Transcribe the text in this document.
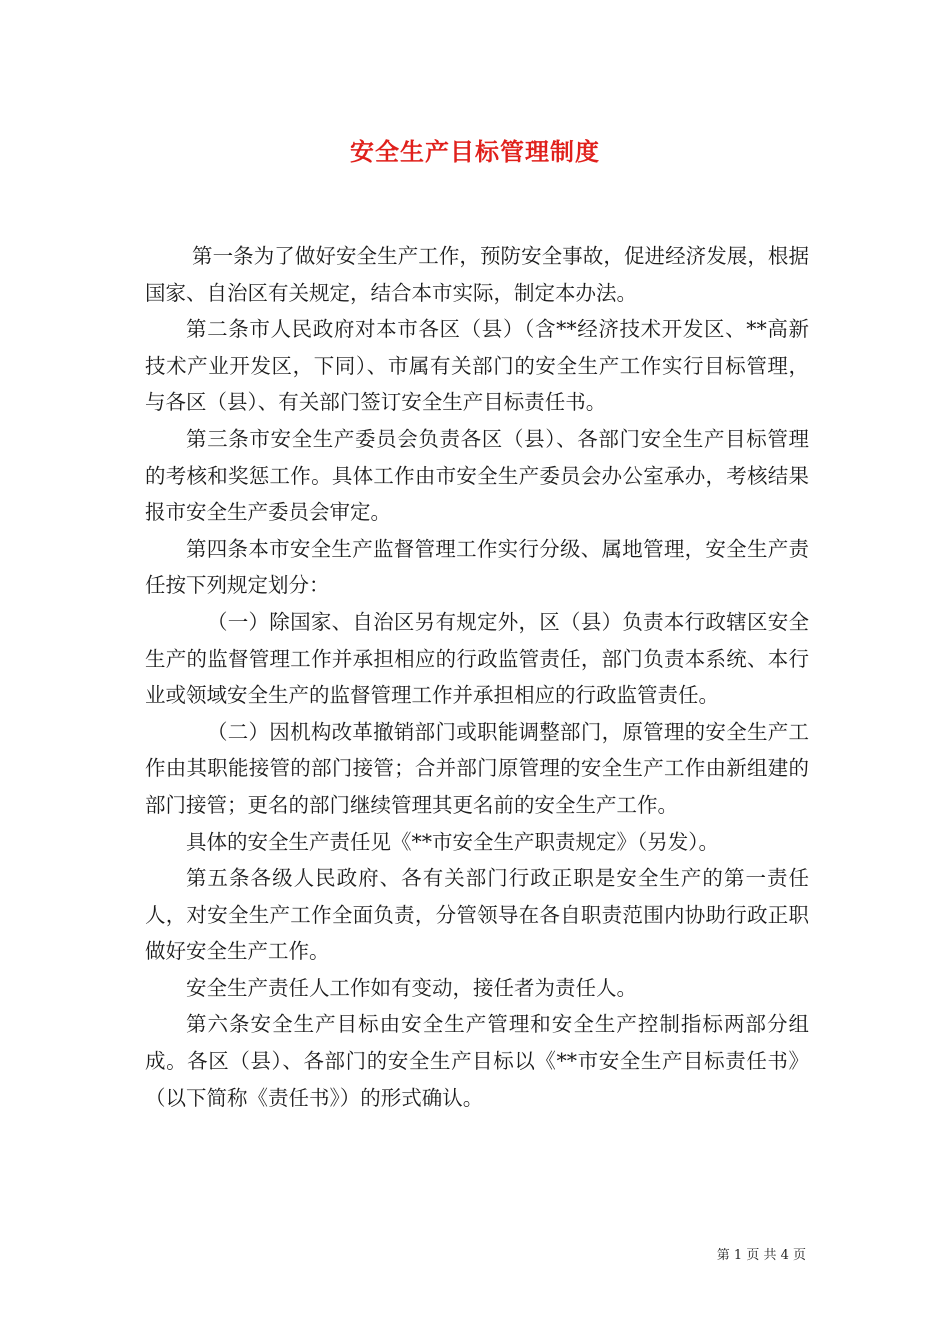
安全生产目标管理制度

第一条为了做好安全生产工作，预防安全事故，促进经济发展，根据国家、自治区有关规定，结合本市实际，制定本办法。

第二条市人民政府对本市各区（县）（含**经济技术开发区、**高新技术产业开发区，下同）、市属有关部门的安全生产工作实行目标管理，与各区（县）、有关部门签订安全生产目标责任书。

第三条市安全生产委员会负责各区（县）、各部门安全生产目标管理的考核和奖惩工作。具体工作由市安全生产委员会办公室承办，考核结果报市安全生产委员会审定。

第四条本市安全生产监督管理工作实行分级、属地管理，安全生产责任按下列规定划分：

（一）除国家、自治区另有规定外，区（县）负责本行政辖区安全生产的监督管理工作并承担相应的行政监管责任，部门负责本系统、本行业或领域安全生产的监督管理工作并承担相应的行政监管责任。

（二）因机构改革撤销部门或职能调整部门，原管理的安全生产工作由其职能接管的部门接管；合并部门原管理的安全生产工作由新组建的部门接管；更名的部门继续管理其更名前的安全生产工作。

具体的安全生产责任见《**市安全生产职责规定》（另发）。

第五条各级人民政府、各有关部门行政正职是安全生产的第一责任人，对安全生产工作全面负责，分管领导在各自职责范围内协助行政正职做好安全生产工作。

安全生产责任人工作如有变动，接任者为责任人。

第六条安全生产目标由安全生产管理和安全生产控制指标两部分组成。各区（县）、各部门的安全生产目标以《**市安全生产目标责任书》（以下简称《责任书》）的形式确认。

第 1 页 共 4 页
